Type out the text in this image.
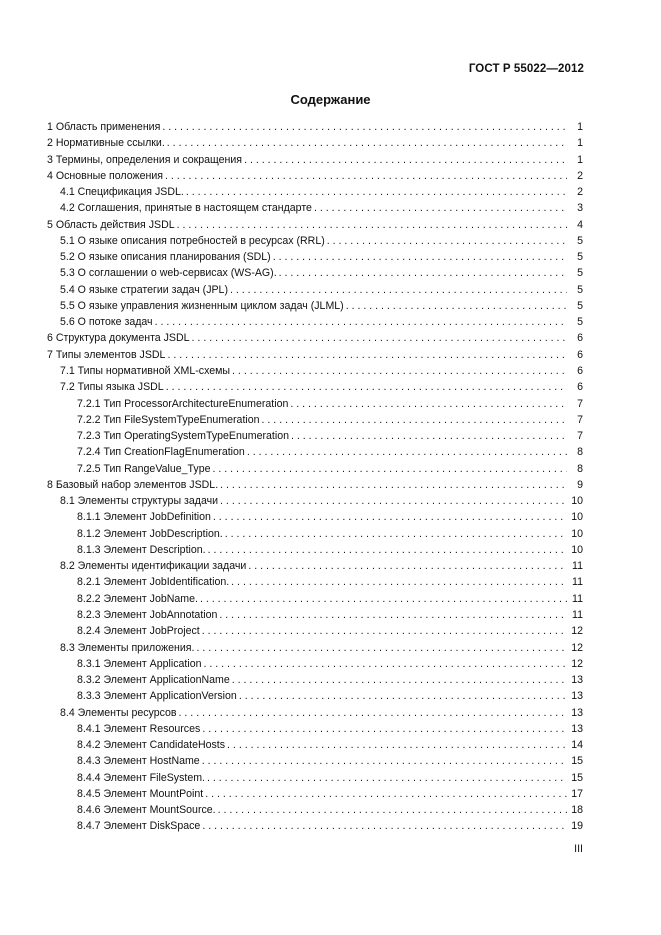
ГОСТ Р 55022—2012
Содержание
1 Область применения . . .	1
2 Нормативные ссылки. . . .	1
3 Термины, определения и сокращения . . .	1
4 Основные положения . . .	2
4.1 Спецификация JSDL. . . .	2
4.2 Соглашения, принятые в настоящем стандарте . . .	3
5 Область действия JSDL . . .	4
5.1 О языке описания потребностей в ресурсах (RRL) . . .	5
5.2 О языке описания планирования (SDL) . . .	5
5.3 О соглашении о web-сервисах (WS-AG). . . .	5
5.4 О языке стратегии задач (JPL) . . .	5
5.5 О языке управления жизненным циклом задач (JLML) . . .	5
5.6 О потоке задач . . .	5
6 Структура документа JSDL . . .	6
7 Типы элементов JSDL . . .	6
7.1 Типы нормативной XML-схемы . . .	6
7.2 Типы языка JSDL . . .	6
7.2.1 Тип ProcessorArchitectureEnumeration . . .	7
7.2.2 Тип FileSystemTypeEnumeration . . .	7
7.2.3 Тип OperatingSystemTypeEnumeration . . .	7
7.2.4 Тип CreationFlagEnumeration . . .	8
7.2.5 Тип RangeValue_Type . . .	8
8 Базовый набор элементов JSDL. . . .	9
8.1 Элементы структуры задачи . . .	10
8.1.1 Элемент JobDefinition . . .	10
8.1.2 Элемент JobDescription. . . .	10
8.1.3 Элемент Description. . . .	10
8.2 Элементы идентификации задачи . . .	11
8.2.1 Элемент JobIdentification. . . .	11
8.2.2 Элемент JobName. . . .	11
8.2.3 Элемент JobAnnotation . . .	11
8.2.4 Элемент JobProject . . .	12
8.3 Элементы приложения. . . .	12
8.3.1 Элемент Application . . .	12
8.3.2 Элемент ApplicationName . . .	13
8.3.3 Элемент ApplicationVersion . . .	13
8.4 Элементы ресурсов . . .	13
8.4.1 Элемент Resources . . .	13
8.4.2 Элемент CandidateHosts . . .	14
8.4.3 Элемент HostName . . .	15
8.4.4 Элемент FileSystem. . . .	15
8.4.5 Элемент MountPoint . . .	17
8.4.6 Элемент MountSource. . . .	18
8.4.7 Элемент DiskSpace . . .	19
III
